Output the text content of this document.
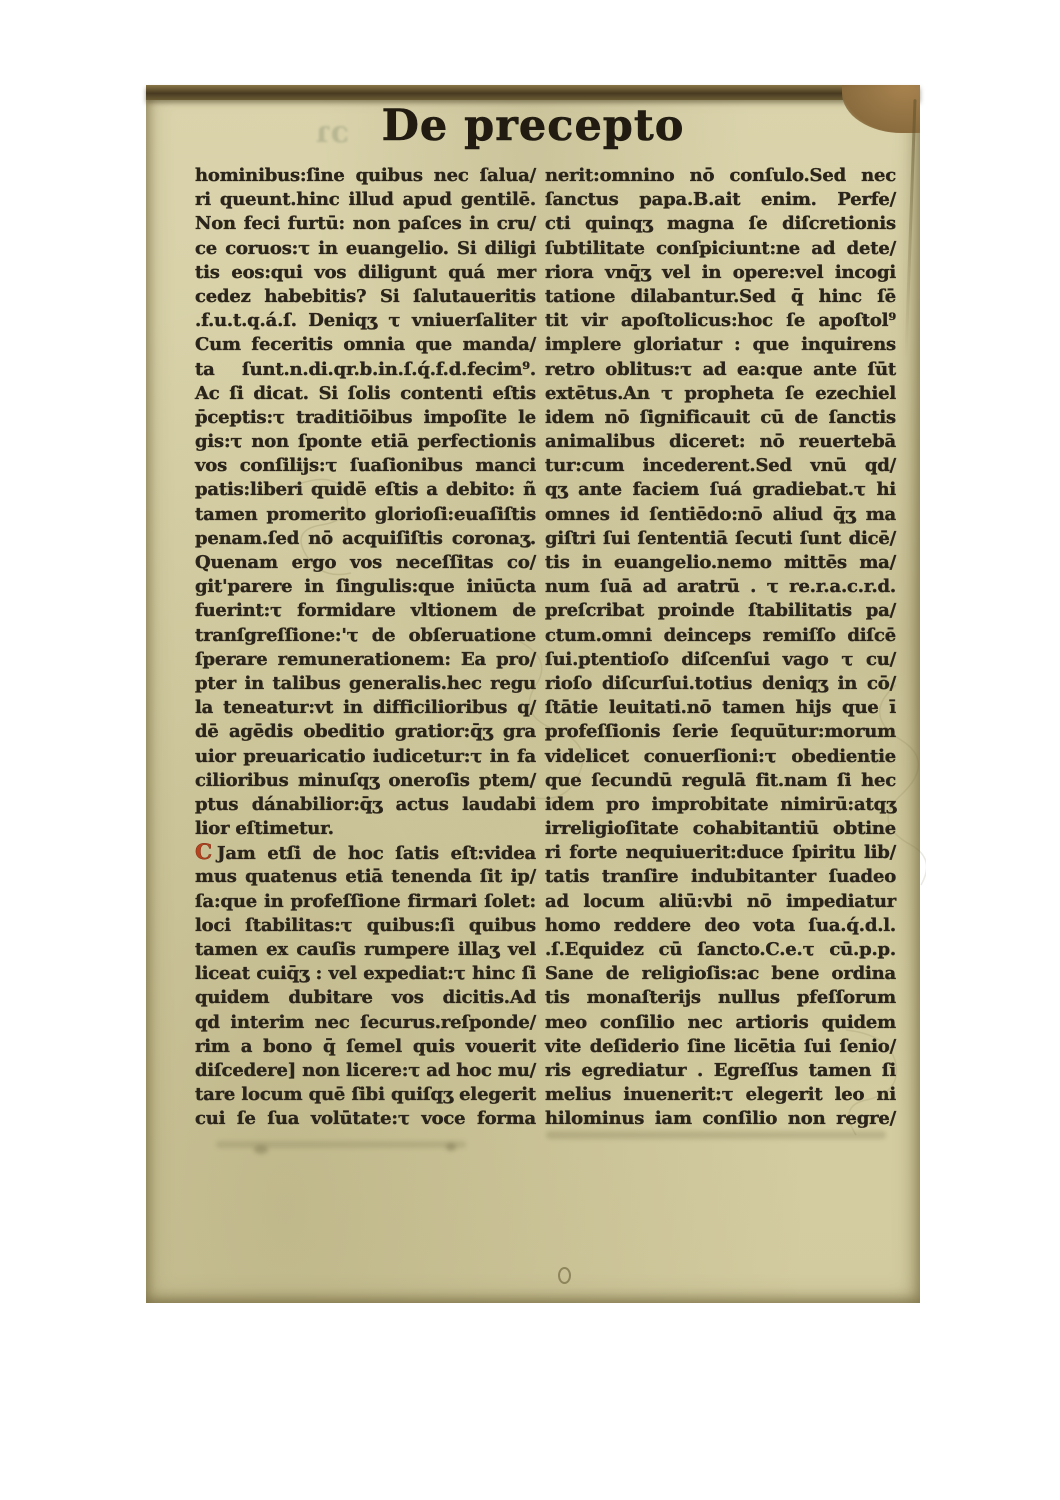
ɔɿ De precepto
hominibus:ſine quibus nec ſalua/
ri queunt.hinc illud apud gentilē.
Non feci furtū: non paſces in cru/
ce coruos:τ in euangelio. Si diligi
tis eos:qui vos diligunt quá mer
cedez habebitis? Si ſalutaueritis
.f.u.t.q.á.ſ. Deniqʒ τ vniuerſaliter
Cum feceritis omnia que manda/
ta ſunt.n.di.qr.b.in.ſ.q́.f.d.fecim⁹.
Ac ſi dicat. Si ſolis contenti eſtis
p̄ceptis:τ traditiōibus impoſite le
gis:τ non ſponte etiā perfectionis
vos conſilijs:τ ſuaſionibus manci
patis:liberi quidē eſtis a debito: ñ
tamen promerito glorioſi:euaſiſtis
penam.ſed nō acquiſiſtis coronaʒ.
Quenam ergo vos neceſſitas co/
git'parere in ſingulis:que iniūcta
fuerint:τ formidare vltionem de
tranſgreſſione:'τ de obſeruatione
ſperare remunerationem: Ea pro/
pter in talibus generalis.hec regu
la teneatur:vt in difficilioribus q/
dē agēdis obeditio gratior:q̄ʒ gra
uior preuaricatio iudicetur:τ in fa
cilioribus minuſqʒ oneroſis ptem/
ptus dánabilior:q̄ʒ actus laudabi
lior eſtimetur.
C Jam etſi de hoc ſatis eſt:videa
mus quatenus etiā tenenda ſit ip/
ſa:que in profeſſione firmari ſolet:
loci ſtabilitas:τ quibus:ſi quibus
tamen ex cauſis rumpere illaʒ vel
liceat cuiq̄ʒ : vel expediat:τ hinc ſi
quidem dubitare vos dicitis.Ad
qd interim nec ſecurus.reſponde/
rim a bono q̄ ſemel quis vouerit
diſcedere] non licere:τ ad hoc mu/
tare locum quē ſibi quiſqʒ elegerit
cui ſe ſua volūtate:τ voce forma
nerit:omnino nō conſulo.Sed nec
ſanctus papa.B.ait enim. Perfe/
cti quinqʒ magna ſe diſcretionis
ſubtilitate conſpiciunt:ne ad dete/
riora vnq̄ʒ vel in opere:vel incogi
tatione dilabantur.Sed q̄ hinc ſē
tit vir apoſtolicus:hoc ſe apoſtol⁹
implere gloriatur : que inquirens
retro oblitus:τ ad ea:que ante ſūt
extētus.An τ propheta ſe ezechiel
idem nō ſignificauit cū de ſanctis
animalibus diceret: nō reuertebā
tur:cum incederent.Sed vnū qd/
qʒ ante faciem ſuá gradiebat.τ hi
omnes id ſentiēdo:nō aliud q̄ʒ ma
giſtri ſui ſententiā ſecuti ſunt dicē/
tis in euangelio.nemo mittēs ma/
num ſuā ad aratrū . τ re.r.a.c.r.d.
preſcribat proinde ſtabilitatis pa/
ctum.omni deinceps remiſſo diſcē
ſui.ptentioſo diſcenſui vago τ cu/
rioſo diſcurſui.totius deniqʒ in cō/
ſtātie leuitati.nō tamen hijs que ī
profeſſionis ſerie ſequūtur:morum
videlicet conuerſioni:τ obedientie
que ſecundū regulā fit.nam ſi hec
idem pro improbitate nimirū:atqʒ
irreligioſitate cohabitantiū obtine
ri forte nequiuerit:duce ſpiritu lib/
tatis tranſire indubitanter ſuadeo
ad locum aliū:vbi nō impediatur
homo reddere deo vota ſua.q́.d.l.
.ſ.Equidez cū ſancto.C.e.τ cū.p.p.
Sane de religioſis:ac bene ordina
tis monaſterijs nullus pfeſſorum
meo conſilio nec artioris quidem
vite deſiderio ſine licētia ſui ſenio/
ris egrediatur . Egreſſus tamen ſi
melius inuenerit:τ elegerit leo ni
hilominus iam conſilio non regre/
